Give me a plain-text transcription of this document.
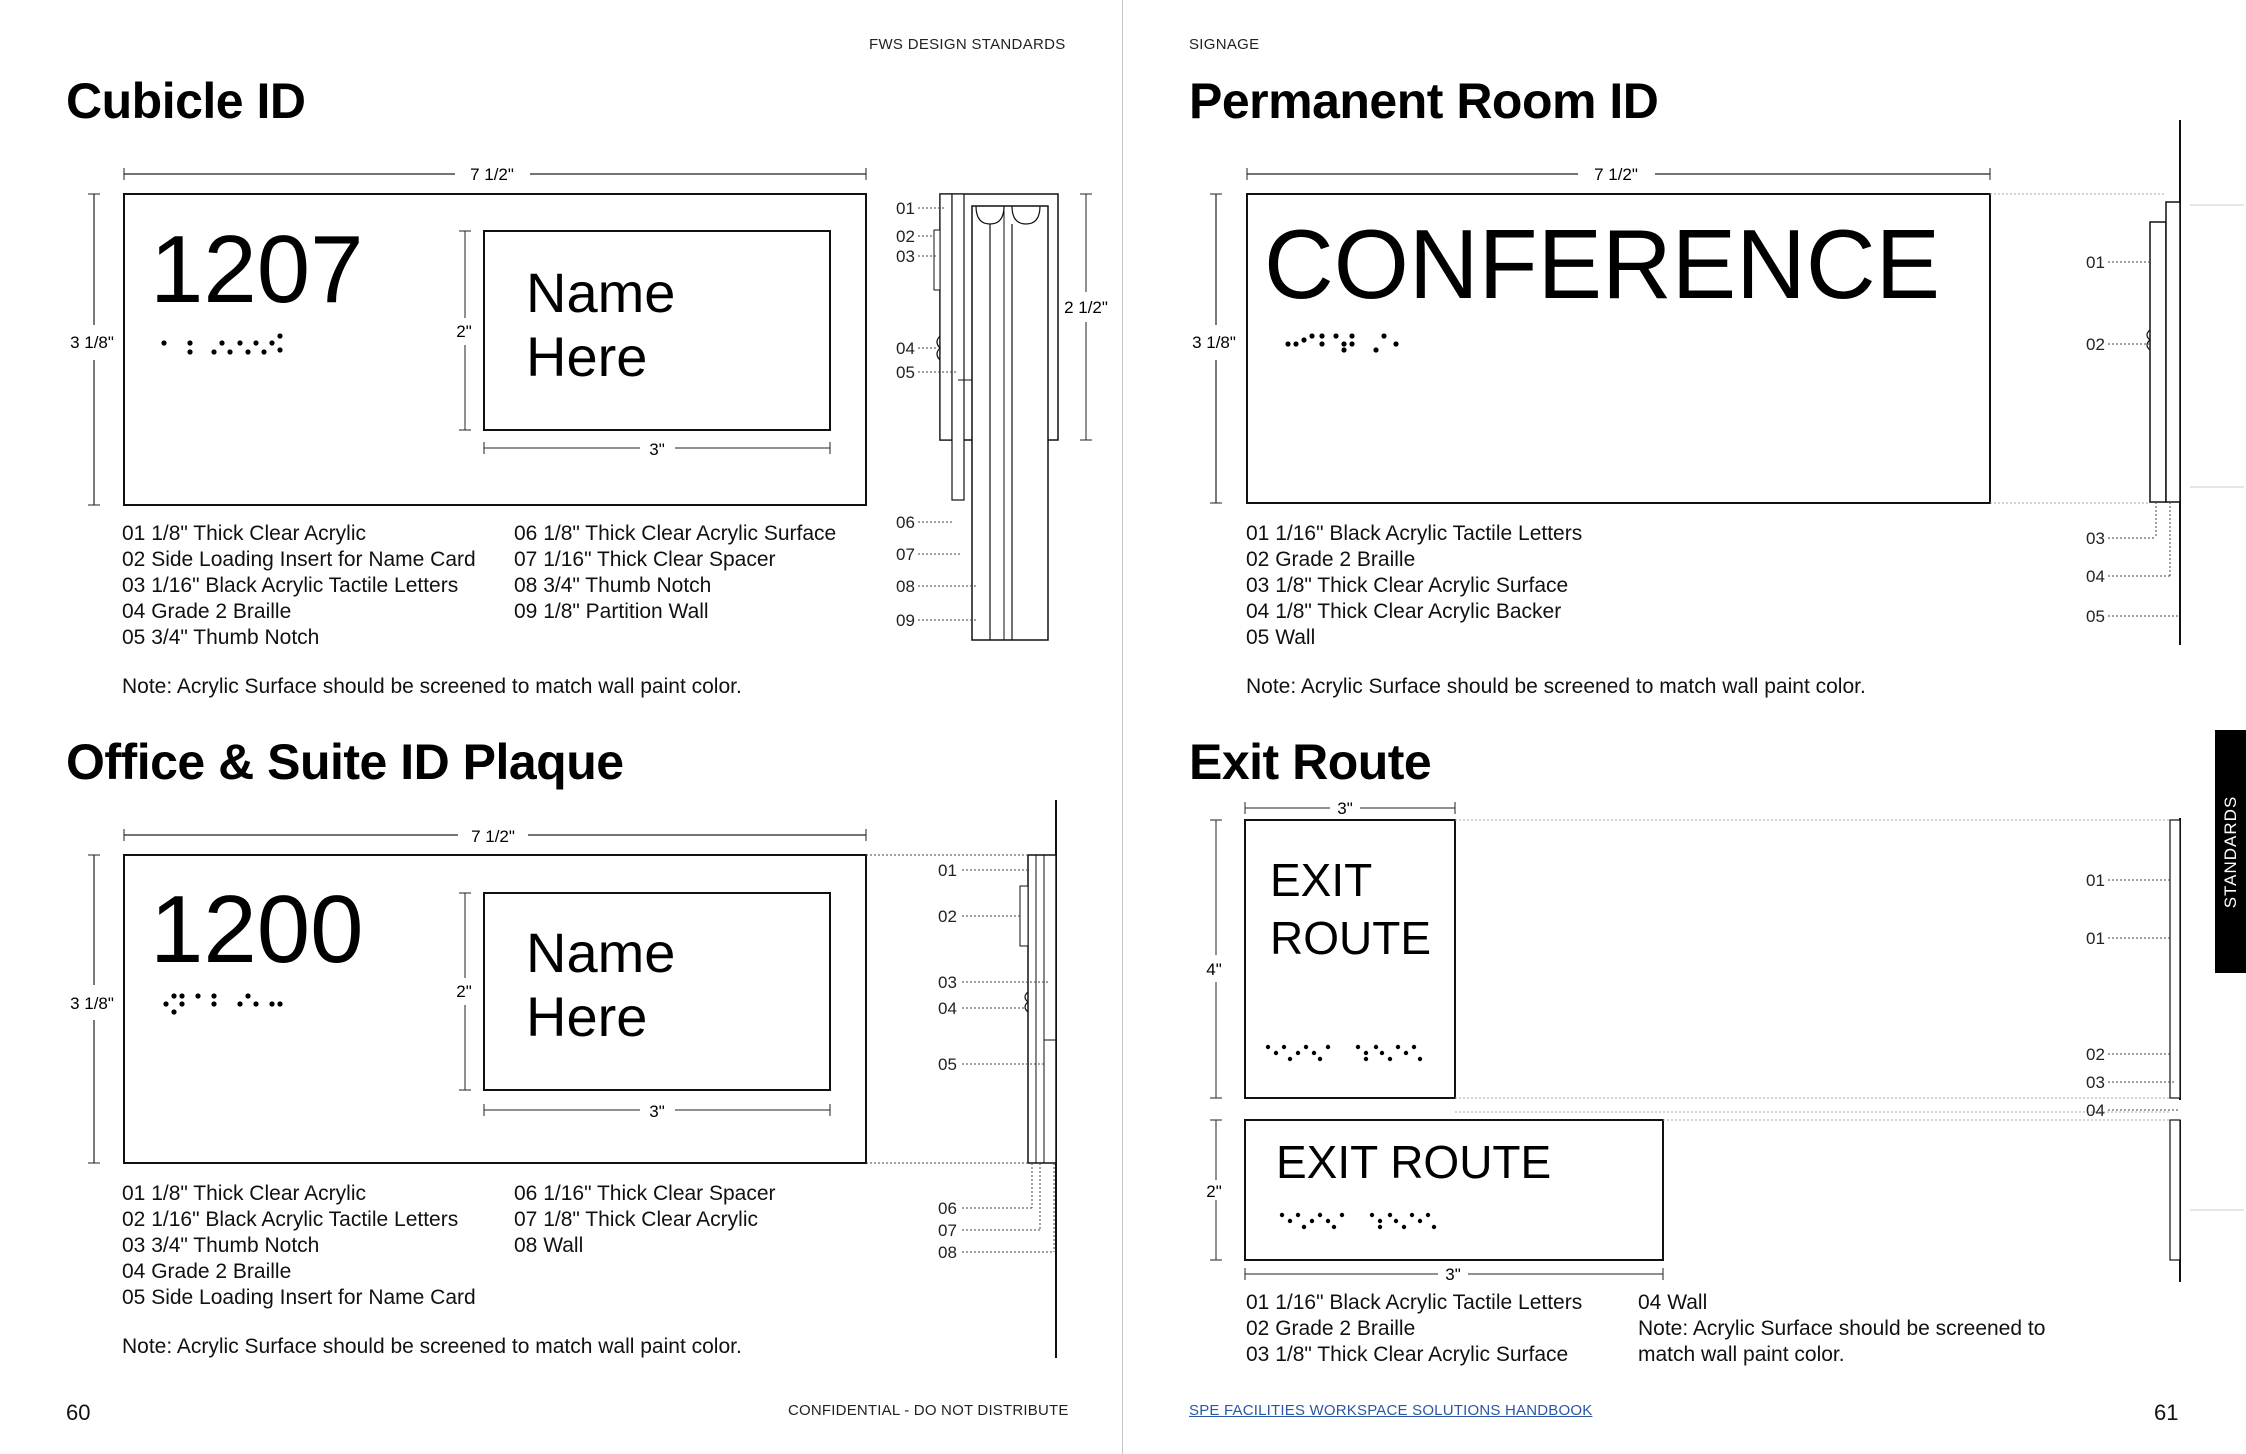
FWS DESIGN STANDARDS	SIGNAGE
Cubicle ID
Office & Suite ID Plaque
Permanent Room ID
Exit Route
7 1/2"
3 1/8"
1207	Name
Here
2"
3"
2 1/2"
01
02
03
04
05
06
07
08
09
01 1/8" Thick Clear Acrylic
02 Side Loading Insert for Name Card
03 1/16" Black Acrylic Tactile Letters
04 Grade 2 Braille
05 3/4" Thumb Notch
06 1/8" Thick Clear Acrylic Surface
07 1/16" Thick Clear Spacer
08 3/4" Thumb Notch
09 1/8" Partition Wall
Note: Acrylic Surface should be screened to match wall paint color.
7 1/2"
3 1/8"
1200	Name
Here
2"
3"
01
02
03
04
05
06
07
08
01 1/8" Thick Clear Acrylic
02 1/16" Black Acrylic Tactile Letters
03 3/4" Thumb Notch
04 Grade 2 Braille
05 Side Loading Insert for Name Card
06 1/16" Thick Clear Spacer
07 1/8" Thick Clear Acrylic
08 Wall
Note: Acrylic Surface should be screened to match wall paint color.
7 1/2"
3 1/8"
CONFERENCE	01
02
03
04
05
01 1/16" Black Acrylic Tactile Letters
02 Grade 2 Braille
03 1/8" Thick Clear Acrylic Surface
04 1/8" Thick Clear Acrylic Backer
05 Wall
Note: Acrylic Surface should be screened to match wall paint color.
3"
4"
EXIT
ROUTE
2"
EXIT ROUTE
3"
01
01
02
03
04
01 1/16" Black Acrylic Tactile Letters
02 Grade 2 Braille
03 1/8" Thick Clear Acrylic Surface
04 Wall
Note: Acrylic Surface should be screened to
match wall paint color.
STANDARDS
60	CONFIDENTIAL - DO NOT DISTRIBUTE	SPE FACILITIES WORKSPACE SOLUTIONS HANDBOOK	61
